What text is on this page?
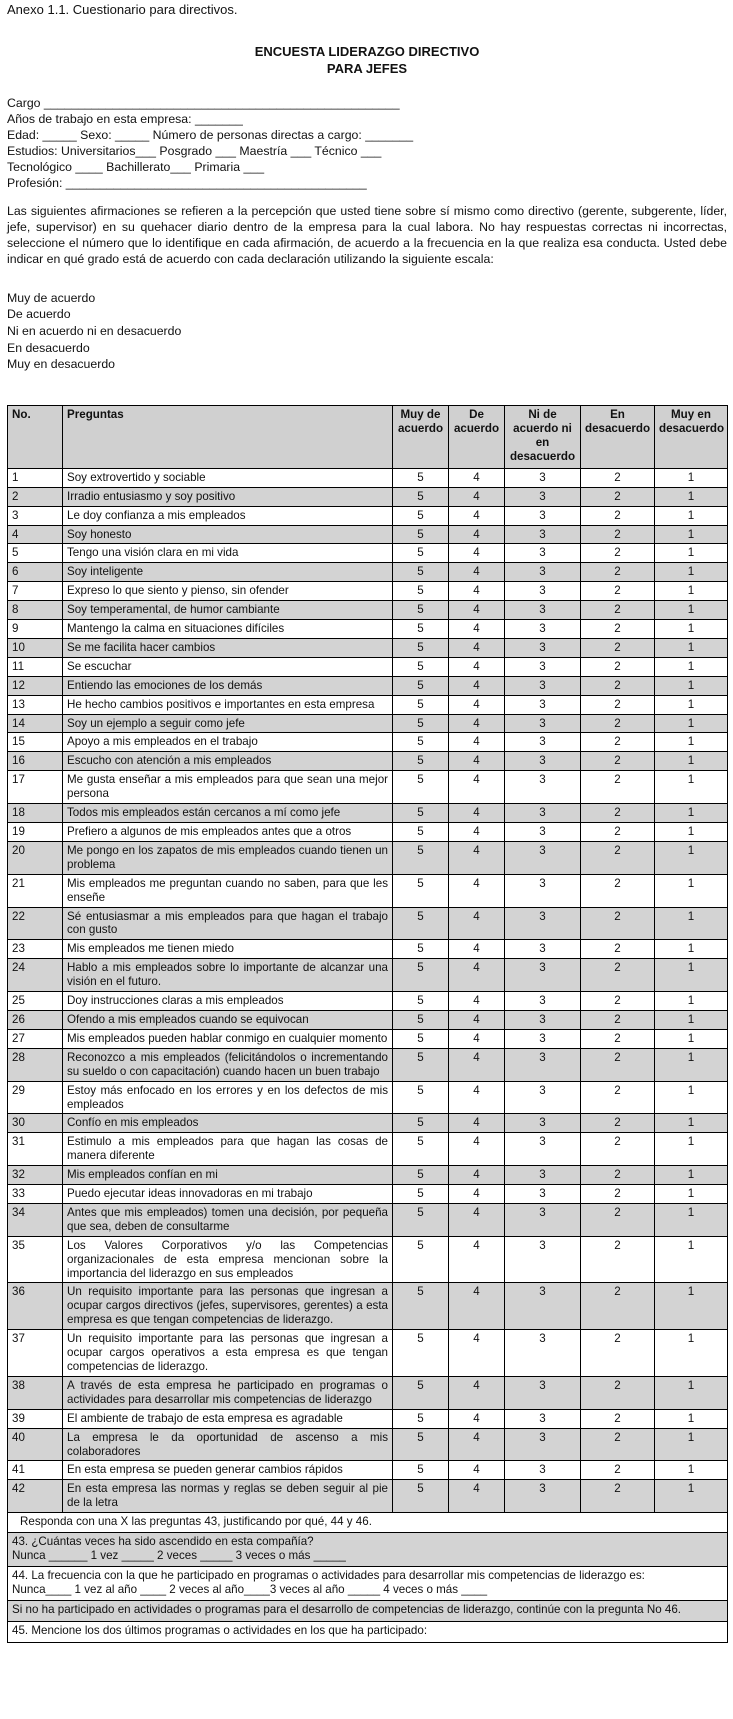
Anexo 1.1. Cuestionario para directivos.
ENCUESTA LIDERAZGO DIRECTIVO
PARA JEFES
Cargo ____________________________________________________
Años de trabajo en esta empresa: _______
Edad: _____ Sexo: _____ Número de personas directas a cargo: _______
Estudios: Universitarios___ Posgrado ___ Maestría ___ Técnico ___
Tecnológico ____ Bachillerato___ Primaria ___
Profesión: ____________________________________________
Las siguientes afirmaciones se refieren a la percepción que usted tiene sobre sí mismo como directivo (gerente, subgerente, líder, jefe, supervisor) en su quehacer diario dentro de la empresa para la cual labora. No hay respuestas correctas ni incorrectas, seleccione el número que lo identifique en cada afirmación, de acuerdo a la frecuencia en la que realiza esa conducta. Usted debe indicar en qué grado está de acuerdo con cada declaración utilizando la siguiente escala:
Muy de acuerdo
De acuerdo
Ni en acuerdo ni en desacuerdo
En desacuerdo
Muy en desacuerdo
No.	Preguntas	Muy de acuerdo	De acuerdo	Ni de acuerdo ni en desacuerdo	En desacuerdo	Muy en desacuerdo
1	Soy extrovertido y sociable	5	4	3	2	1
2	Irradio entusiasmo y soy positivo	5	4	3	2	1
3	Le doy confianza a mis empleados	5	4	3	2	1
4	Soy honesto	5	4	3	2	1
5	Tengo una visión clara en mi vida	5	4	3	2	1
6	Soy inteligente	5	4	3	2	1
7	Expreso lo que siento y pienso, sin ofender	5	4	3	2	1
8	Soy temperamental, de humor cambiante	5	4	3	2	1
9	Mantengo la calma en situaciones difíciles	5	4	3	2	1
10	Se me facilita hacer cambios	5	4	3	2	1
11	Se escuchar	5	4	3	2	1
12	Entiendo las emociones de los demás	5	4	3	2	1
13	He hecho cambios positivos e importantes en esta empresa	5	4	3	2	1
14	Soy un ejemplo a seguir como jefe	5	4	3	2	1
15	Apoyo a mis empleados en el trabajo	5	4	3	2	1
16	Escucho con atención a mis empleados	5	4	3	2	1
17	Me gusta enseñar a mis empleados para que sean una mejor persona	5	4	3	2	1
18	Todos mis empleados están cercanos a mí como jefe	5	4	3	2	1
19	Prefiero a algunos de mis empleados antes que a otros	5	4	3	2	1
20	Me pongo en los zapatos de mis empleados cuando tienen un problema	5	4	3	2	1
21	Mis empleados me preguntan cuando no saben, para que les enseñe	5	4	3	2	1
22	Sé entusiasmar a mis empleados para que hagan el trabajo con gusto	5	4	3	2	1
23	Mis empleados me tienen miedo	5	4	3	2	1
24	Hablo a mis empleados sobre lo importante de alcanzar una visión en el futuro.	5	4	3	2	1
25	Doy instrucciones claras a mis empleados	5	4	3	2	1
26	Ofendo a mis empleados cuando se equivocan	5	4	3	2	1
27	Mis empleados pueden hablar conmigo en cualquier momento	5	4	3	2	1
28	Reconozco a mis empleados (felicitándolos o incrementando su sueldo o con capacitación) cuando hacen un buen trabajo	5	4	3	2	1
29	Estoy más enfocado en los errores y en los defectos de mis empleados	5	4	3	2	1
30	Confío en mis empleados	5	4	3	2	1
31	Estimulo a mis empleados para que hagan las cosas de manera diferente	5	4	3	2	1
32	Mis empleados confían en mi	5	4	3	2	1
33	Puedo ejecutar ideas innovadoras en mi trabajo	5	4	3	2	1
34	Antes que mis empleados) tomen una decisión, por pequeña que sea, deben de consultarme	5	4	3	2	1
35	Los Valores Corporativos y/o las Competencias organizacionales de esta empresa mencionan sobre la importancia del liderazgo en sus empleados	5	4	3	2	1
36	Un requisito importante para las personas que ingresan a ocupar cargos directivos (jefes, supervisores, gerentes) a esta empresa es que tengan competencias de liderazgo.	5	4	3	2	1
37	Un requisito importante para las personas que ingresan a ocupar cargos operativos a esta empresa es que tengan competencias de liderazgo.	5	4	3	2	1
38	A través de esta empresa he participado en programas o actividades para desarrollar mis competencias de liderazgo	5	4	3	2	1
39	El ambiente de trabajo de esta empresa es agradable	5	4	3	2	1
40	La empresa le da oportunidad de ascenso a mis colaboradores	5	4	3	2	1
41	En esta empresa se pueden generar cambios rápidos	5	4	3	2	1
42	En esta empresa las normas y reglas se deben seguir al pie de la letra	5	4	3	2	1
Responda con una X las preguntas 43, justificando por qué, 44 y 46.						

43. ¿Cuántas veces ha sido ascendido en esta compañía?
Nunca ______ 1 vez _____ 2 veces _____ 3 veces o más _____						

44. La frecuencia con la que he participado en programas o actividades para desarrollar mis competencias de liderazgo es:
Nunca____ 1 vez al año ____ 2 veces al año____3 veces al año _____ 4 veces o más ____						

Si no ha participado en actividades o programas para el desarrollo de competencias de liderazgo, continúe con la pregunta No 46.						
45. Mencione los dos últimos programas o actividades en los que ha participado:						
